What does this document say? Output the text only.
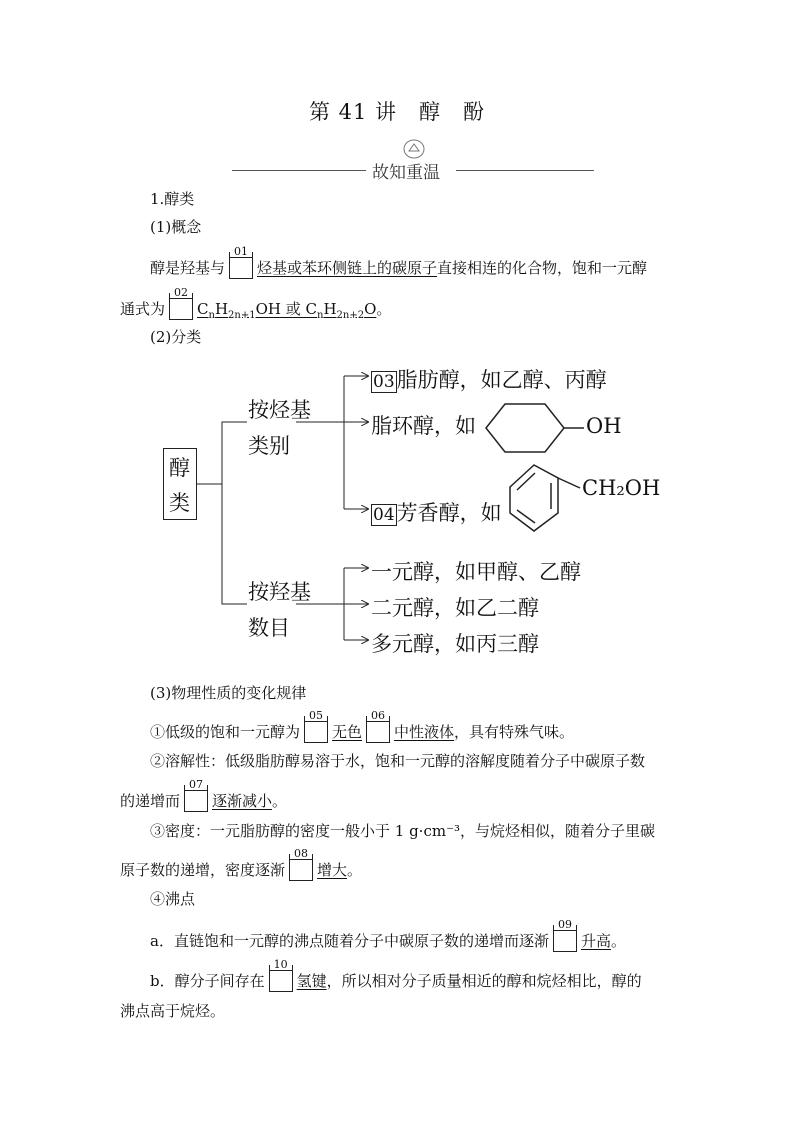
第 41 讲　醇　酚
故知重温
1.醇类
(1)概念
醇是羟基与
01
烃基或苯环侧链上的碳原子直接相连的化合物，饱和一元醇
通式为
02
$C_nH_{2n+1}OH$ 或 $C_nH_{2n+2}O$。
(2)分类
醇
类
按烃基
类别
按羟基
数目
03脂肪醇，如乙醇、丙醇
脂环醇，如	OH
04芳香醇，如
CH₂OH
一元醇，如甲醇、乙醇
二元醇，如乙二醇
多元醇，如丙三醇
(3)物理性质的变化规律
①低级的饱和一元醇为
05
无色
06
中性液体，具有特殊气味。
②溶解性：低级脂肪醇易溶于水，饱和一元醇的溶解度随着分子中碳原子数
的递增而
07
逐渐减小。
③密度：一元脂肪醇的密度一般小于 1 g·cm⁻³，与烷烃相似，随着分子里碳
原子数的递增，密度逐渐
08
增大。
④沸点
a．直链饱和一元醇的沸点随着分子中碳原子数的递增而逐渐
09
升高。
b．醇分子间存在
10
氢键，所以相对分子质量相近的醇和烷烃相比，醇的
沸点高于烷烃。
